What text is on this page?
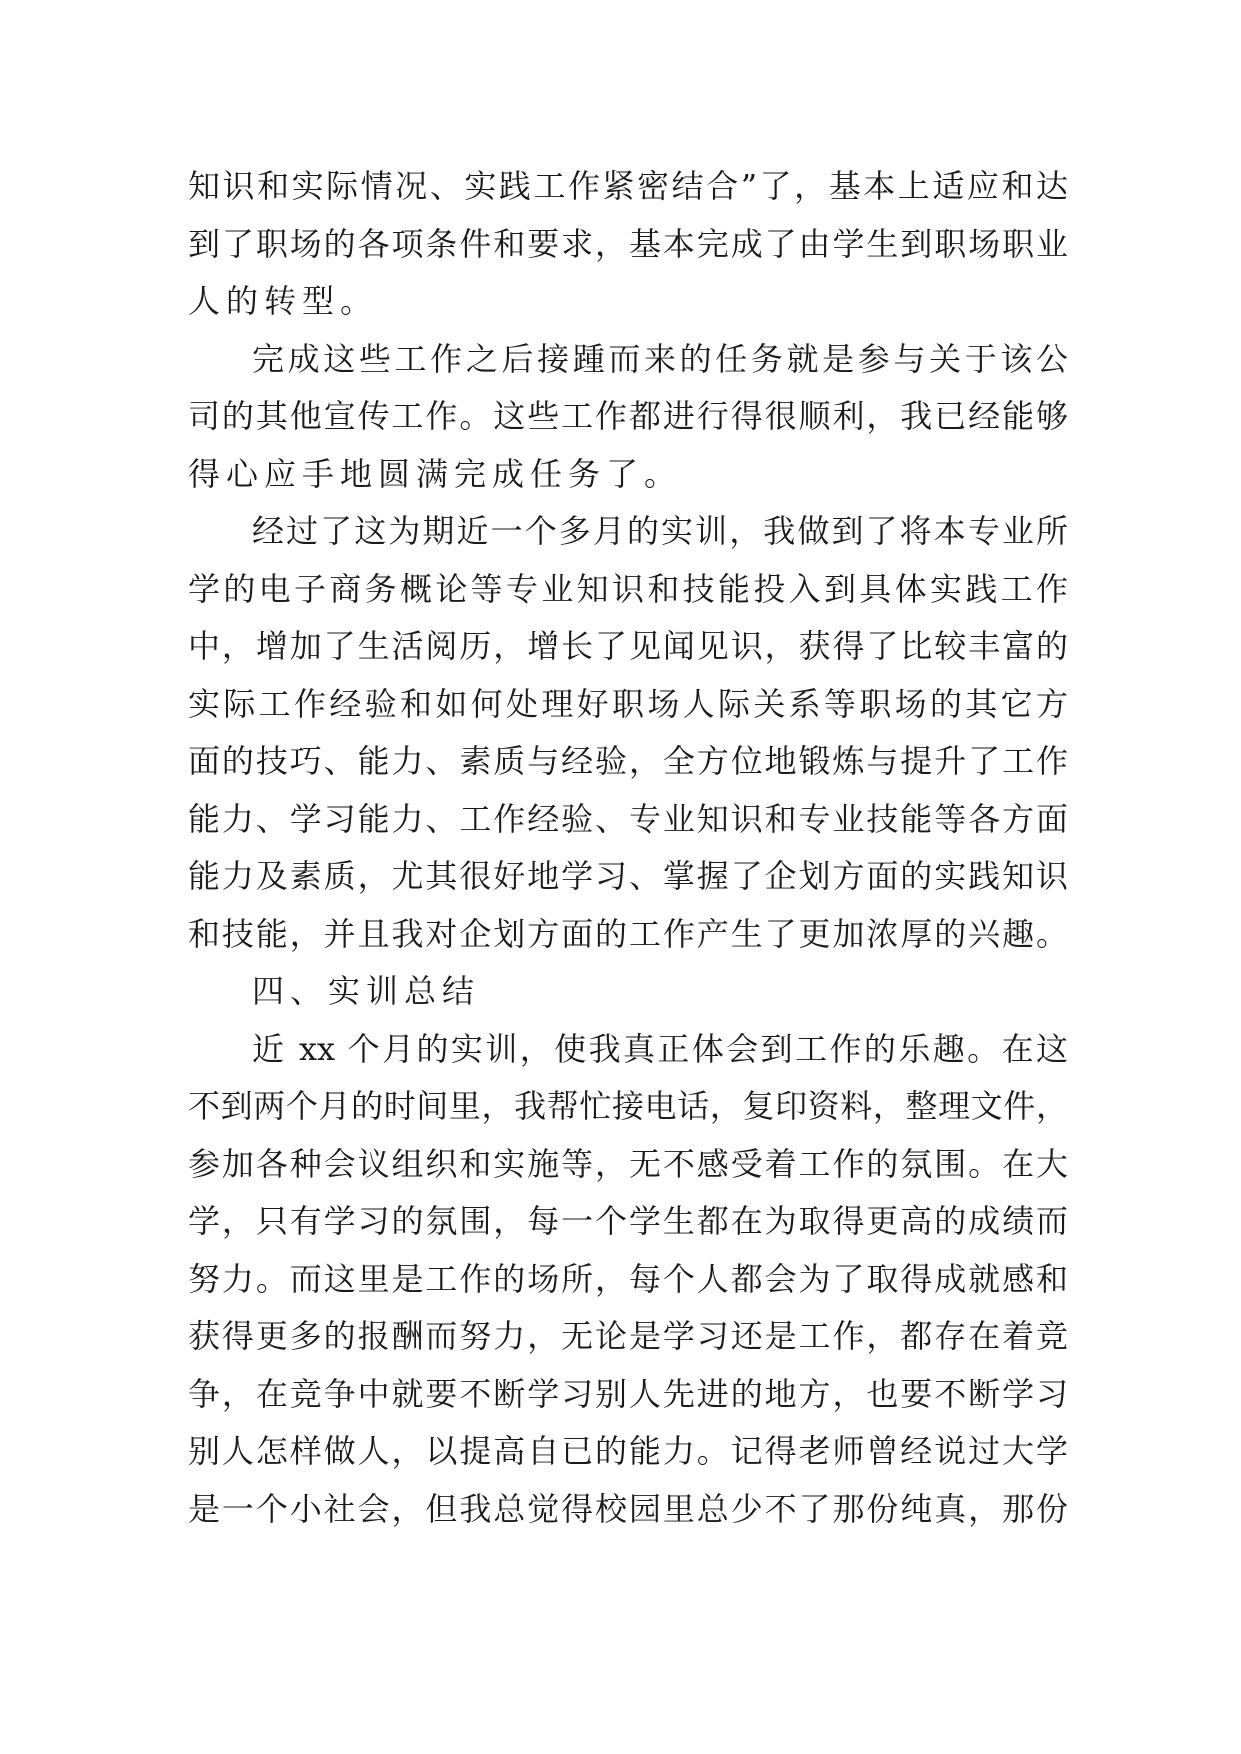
知识和实际情况、实践工作紧密结合”了，基本上适应和达
到了职场的各项条件和要求，基本完成了由学生到职场职业
人的转型。
完成这些工作之后接踵而来的任务就是参与关于该公
司的其他宣传工作。这些工作都进行得很顺利，我已经能够
得心应手地圆满完成任务了。
经过了这为期近一个多月的实训，我做到了将本专业所
学的电子商务概论等专业知识和技能投入到具体实践工作
中，增加了生活阅历，增长了见闻见识，获得了比较丰富的
实际工作经验和如何处理好职场人际关系等职场的其它方
面的技巧、能力、素质与经验，全方位地锻炼与提升了工作
能力、学习能力、工作经验、专业知识和专业技能等各方面
能力及素质，尤其很好地学习、掌握了企划方面的实践知识
和技能，并且我对企划方面的工作产生了更加浓厚的兴趣。
四、实训总结
近 xx 个月的实训，使我真正体会到工作的乐趣。在这
不到两个月的时间里，我帮忙接电话，复印资料，整理文件，
参加各种会议组织和实施等，无不感受着工作的氛围。在大
学，只有学习的氛围，每一个学生都在为取得更高的成绩而
努力。而这里是工作的场所，每个人都会为了取得成就感和
获得更多的报酬而努力，无论是学习还是工作，都存在着竞
争，在竞争中就要不断学习别人先进的地方，也要不断学习
别人怎样做人，以提高自已的能力。记得老师曾经说过大学
是一个小社会，但我总觉得校园里总少不了那份纯真，那份
